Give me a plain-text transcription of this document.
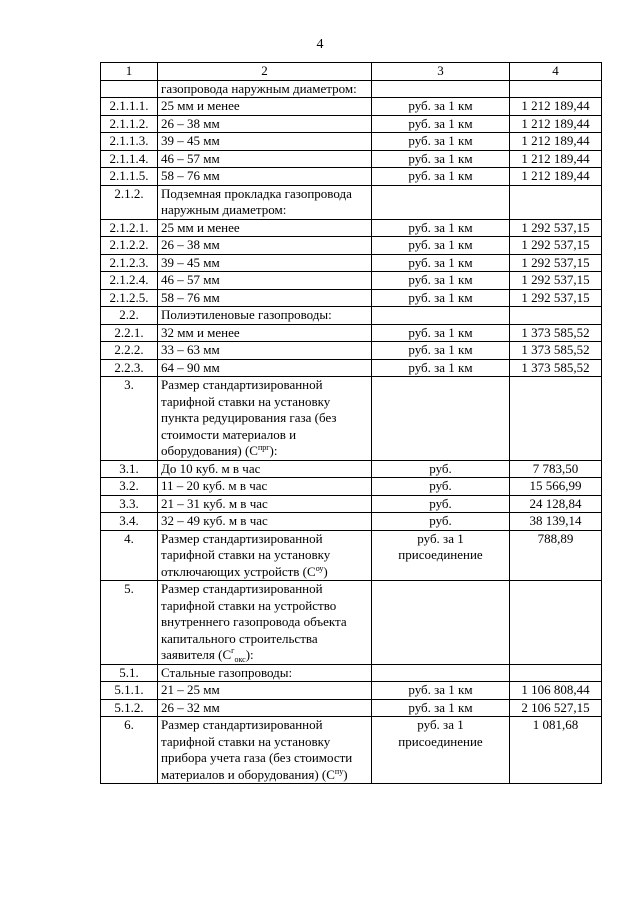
4
1	2	3	4
	газопровода наружным диаметром:		
2.1.1.1.	25 мм и менее	руб. за 1 км	1 212 189,44
2.1.1.2.	26 – 38 мм	руб. за 1 км	1 212 189,44
2.1.1.3.	39 – 45 мм	руб. за 1 км	1 212 189,44
2.1.1.4.	46 – 57 мм	руб. за 1 км	1 212 189,44
2.1.1.5.	58 – 76 мм	руб. за 1 км	1 212 189,44
2.1.2.	Подземная прокладка газопровода наружным диаметром:		
2.1.2.1.	25 мм и менее	руб. за 1 км	1 292 537,15
2.1.2.2.	26 – 38 мм	руб. за 1 км	1 292 537,15
2.1.2.3.	39 – 45 мм	руб. за 1 км	1 292 537,15
2.1.2.4.	46 – 57 мм	руб. за 1 км	1 292 537,15
2.1.2.5.	58 – 76 мм	руб. за 1 км	1 292 537,15
2.2.	Полиэтиленовые газопроводы:		
2.2.1.	32 мм и менее	руб. за 1 км	1 373 585,52
2.2.2.	33 – 63 мм	руб. за 1 км	1 373 585,52
2.2.3.	64 – 90 мм	руб. за 1 км	1 373 585,52
3.	Размер стандартизированной тарифной ставки на установку пункта редуцирования газа (без стоимости материалов и оборудования) $(С^{прг})$:		
3.1.	До 10 куб. м в час	руб.	7 783,50
3.2.	11 – 20 куб. м в час	руб.	15 566,99
3.3.	21 – 31 куб. м в час	руб.	24 128,84
3.4.	32 – 49 куб. м в час	руб.	38 139,14
4.	Размер стандартизированной тарифной ставки на установку отключающих устройств $(С^{оу})$	руб. за 1 присоединение	788,89
5.	Размер стандартизированной тарифной ставки на устройство внутреннего газопровода объекта капитального строительства заявителя $(С^г_{окс})$:		
5.1.	Стальные газопроводы:		
5.1.1.	21 – 25 мм	руб. за 1 км	1 106 808,44
5.1.2.	26 – 32 мм	руб. за 1 км	2 106 527,15
6.	Размер стандартизированной тарифной ставки на установку прибора учета газа (без стоимости материалов и оборудования) $(С^{пу})$	руб. за 1 присоединение	1 081,68
